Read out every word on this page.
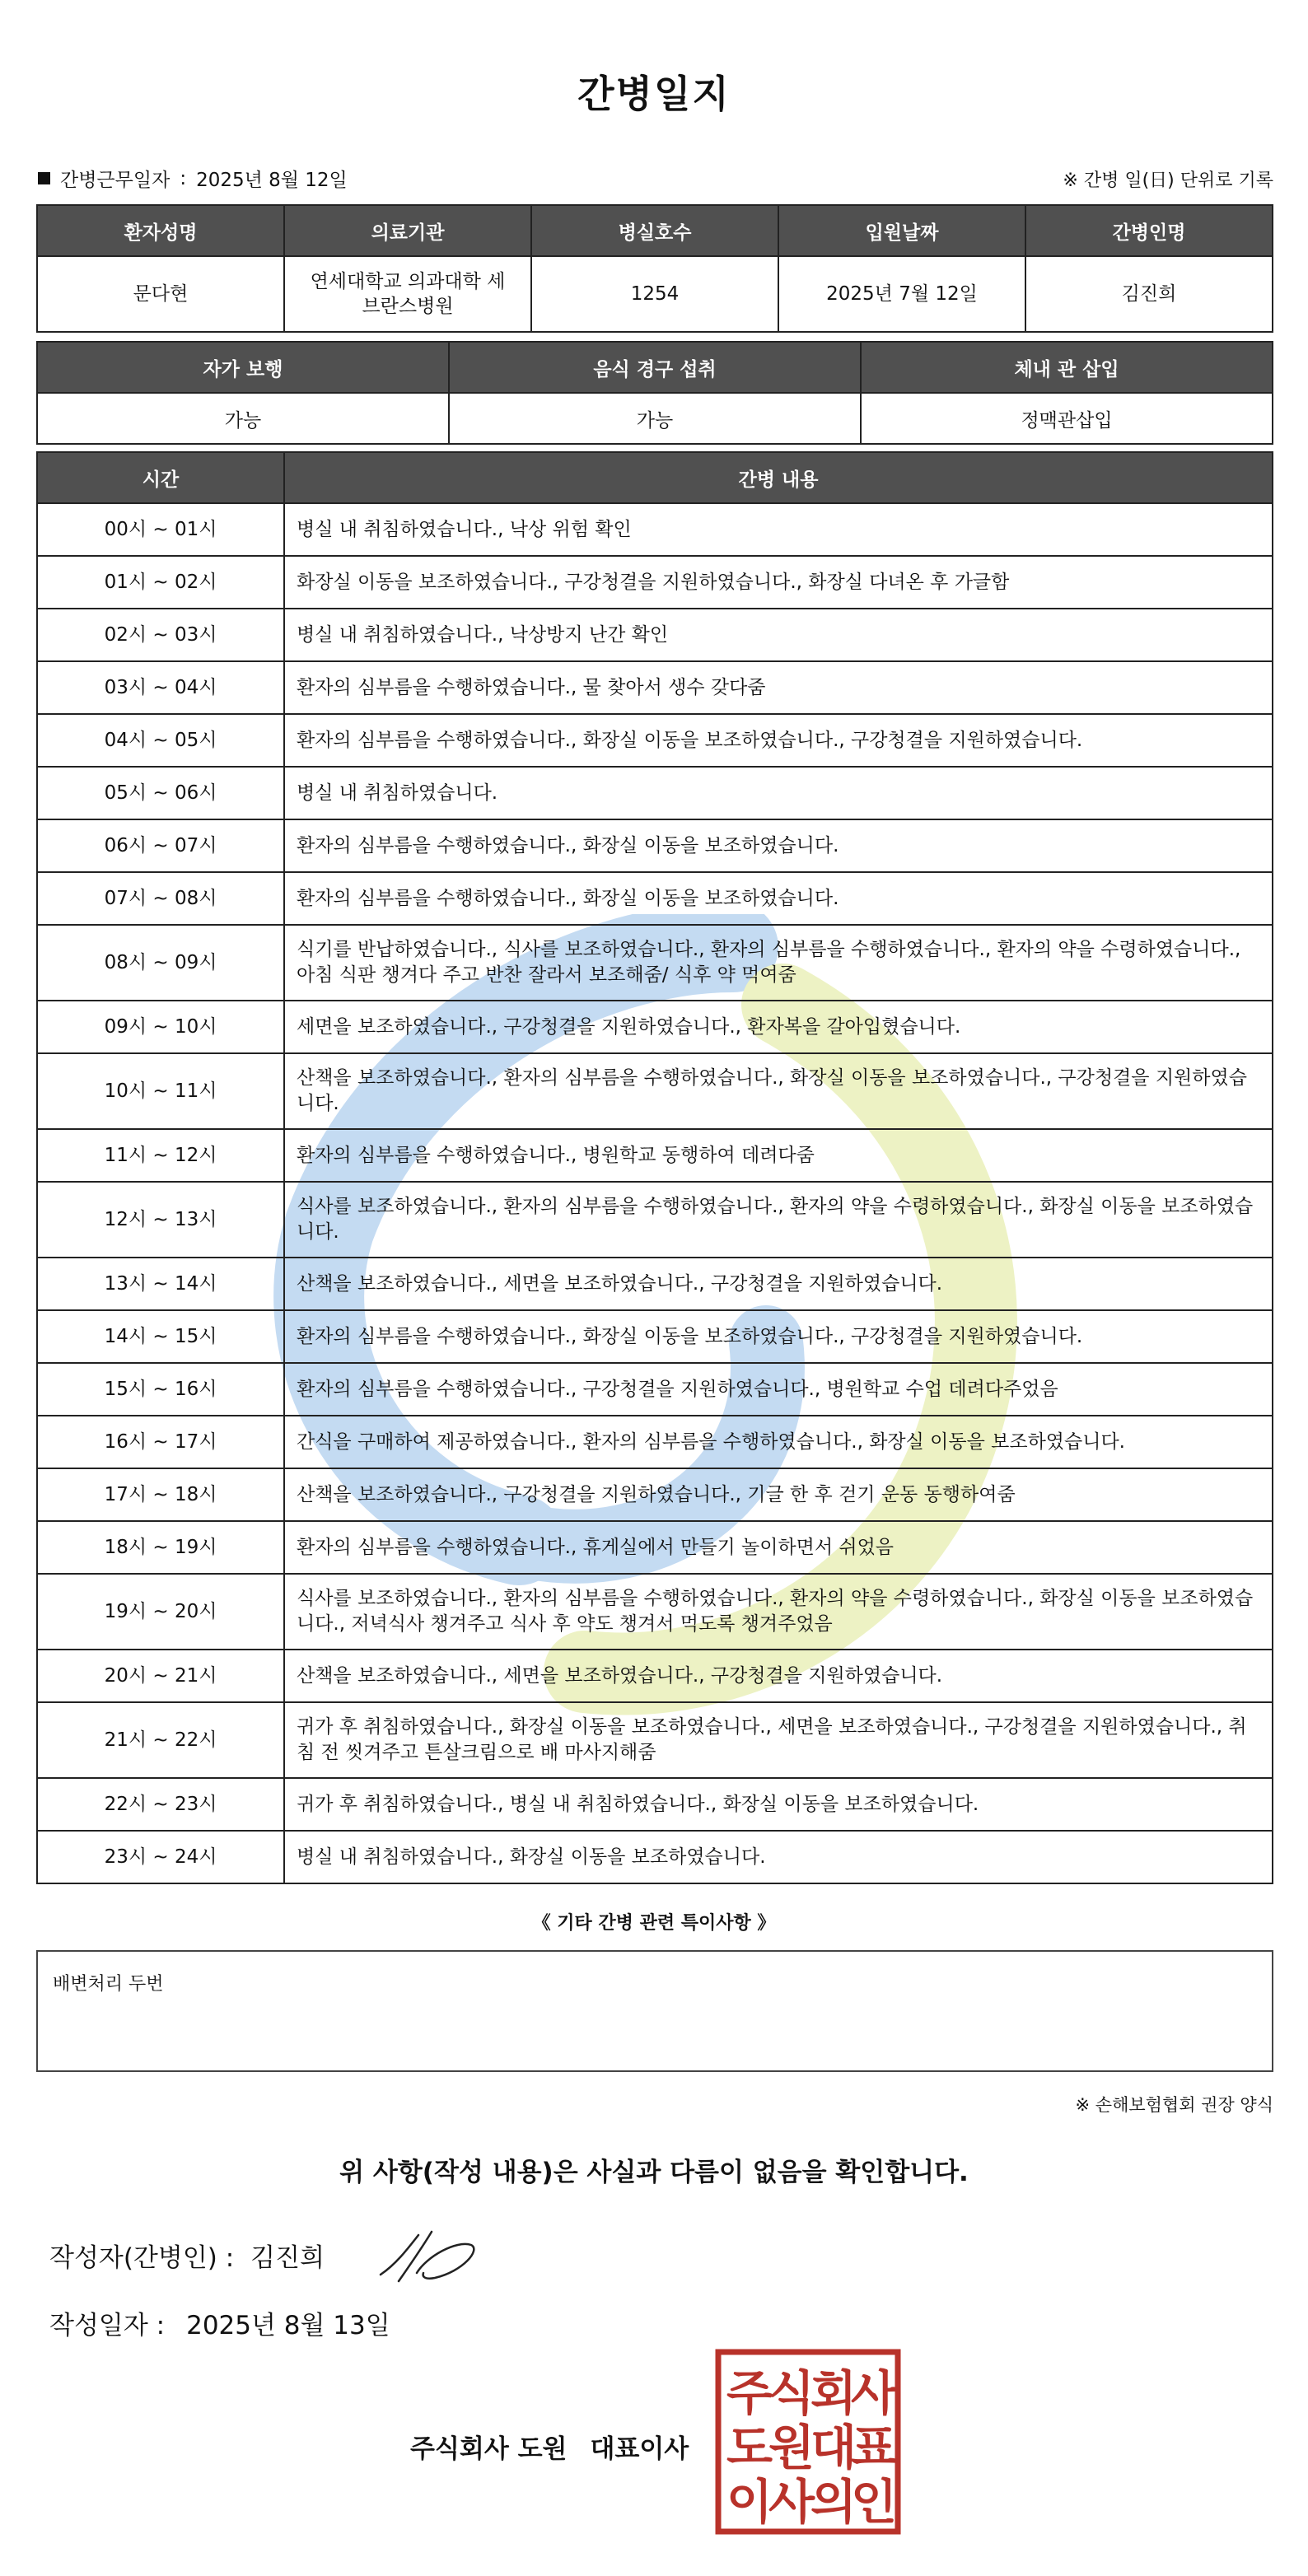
간병일지
간병근무일자 : 2025년 8월 12일	※ 간병 일(日) 단위로 기록
환자성명	의료기관	병실호수	입원날짜	간병인명
문다현	연세대학교 의과대학 세브란스병원	1254	2025년 7월 12일	김진희
자가 보행	음식 경구 섭취	체내 관 삽입
가능	가능	정맥관삽입
시간	간병 내용
00시 ~ 01시	병실 내 취침하였습니다., 낙상 위험 확인
01시 ~ 02시	화장실 이동을 보조하였습니다., 구강청결을 지원하였습니다., 화장실 다녀온 후 가글함
02시 ~ 03시	병실 내 취침하였습니다., 낙상방지 난간 확인
03시 ~ 04시	환자의 심부름을 수행하였습니다., 물 찾아서 생수 갖다줌
04시 ~ 05시	환자의 심부름을 수행하였습니다., 화장실 이동을 보조하였습니다., 구강청결을 지원하였습니다.
05시 ~ 06시	병실 내 취침하였습니다.
06시 ~ 07시	환자의 심부름을 수행하였습니다., 화장실 이동을 보조하였습니다.
07시 ~ 08시	환자의 심부름을 수행하였습니다., 화장실 이동을 보조하였습니다.
08시 ~ 09시	식기를 반납하였습니다., 식사를 보조하였습니다., 환자의 심부름을 수행하였습니다., 환자의 약을 수령하였습니다., 아침 식판 챙겨다 주고 반찬 잘라서 보조해줌/ 식후 약 먹여줌
09시 ~ 10시	세면을 보조하였습니다., 구강청결을 지원하였습니다., 환자복을 갈아입혔습니다.
10시 ~ 11시	산책을 보조하였습니다., 환자의 심부름을 수행하였습니다., 화장실 이동을 보조하였습니다., 구강청결을 지원하였습니다.
11시 ~ 12시	환자의 심부름을 수행하였습니다., 병원학교 동행하여 데려다줌
12시 ~ 13시	식사를 보조하였습니다., 환자의 심부름을 수행하였습니다., 환자의 약을 수령하였습니다., 화장실 이동을 보조하였습니다.
13시 ~ 14시	산책을 보조하였습니다., 세면을 보조하였습니다., 구강청결을 지원하였습니다.
14시 ~ 15시	환자의 심부름을 수행하였습니다., 화장실 이동을 보조하였습니다., 구강청결을 지원하였습니다.
15시 ~ 16시	환자의 심부름을 수행하였습니다., 구강청결을 지원하였습니다., 병원학교 수업 데려다주었음
16시 ~ 17시	간식을 구매하여 제공하였습니다., 환자의 심부름을 수행하였습니다., 화장실 이동을 보조하였습니다.
17시 ~ 18시	산책을 보조하였습니다., 구강청결을 지원하였습니다., 기글 한 후 걷기 운동 동행하여줌
18시 ~ 19시	환자의 심부름을 수행하였습니다., 휴게실에서 만들기 놀이하면서 쉬었음
19시 ~ 20시	식사를 보조하였습니다., 환자의 심부름을 수행하였습니다., 환자의 약을 수령하였습니다., 화장실 이동을 보조하였습니다., 저녁식사 챙겨주고 식사 후 약도 챙겨서 먹도록 챙겨주었음
20시 ~ 21시	산책을 보조하였습니다., 세면을 보조하였습니다., 구강청결을 지원하였습니다.
21시 ~ 22시	귀가 후 취침하였습니다., 화장실 이동을 보조하였습니다., 세면을 보조하였습니다., 구강청결을 지원하였습니다., 취침 전 씻겨주고 튼살크림으로 배 마사지해줌
22시 ~ 23시	귀가 후 취침하였습니다., 병실 내 취침하였습니다., 화장실 이동을 보조하였습니다.
23시 ~ 24시	병실 내 취침하였습니다., 화장실 이동을 보조하였습니다.
《 기타 간병 관련 특이사항 》
배변처리 두번
※ 손해보험협회 권장 양식
위 사항(작성 내용)은 사실과 다름이 없음을 확인합니다.
작성자(간병인) : 김진희
작성일자 : 2025년 8월 13일
주식회사 도원 대표이사
주
식
회
사
도
원
대
표
이
사
의
인
